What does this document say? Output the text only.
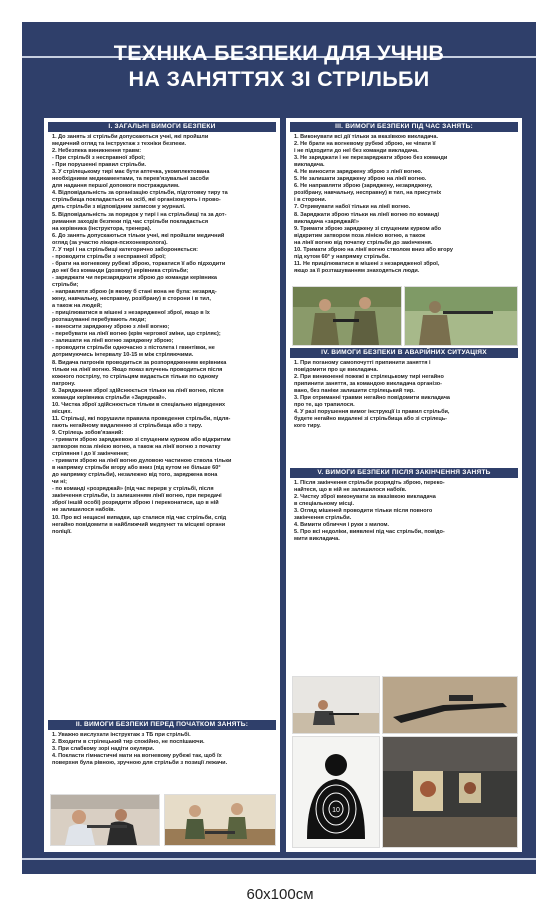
ТЕХНІКА БЕЗПЕКИ ДЛЯ УЧНІВ
НА ЗАНЯТТЯХ ЗІ СТРІЛЬБИ
І. ЗАГАЛЬНІ ВИМОГИ БЕЗПЕКИ

1. До занять зі стрільби допускаються учні, які пройшли

медичний огляд та інструктаж з техніки безпеки.

2. Небезпека виникнення травм:

- При стрільбі з несправної зброї;

- При порушенні правил стрільби.

3. У стрілецькому тирі має бути аптечка, укомплектована

необхідними медикаментами, та перев'язувальні засоби

для надання першої допомоги постраждалим.

4. Відповідальність за організацію стрільби, підготовку тиру та

стрільбища покладається на осіб, які організовують і прово-

дять стрільби з відповідним записом у журналі.

5. Відповідальність за порядок у тирі і на стрільбищі та за дот-

римання заходів безпеки під час стрільби покладається

на керівника (інструктора, тренера).

6. До занять допускаються тільки учні, які пройшли медичний

огляд (за участю лікаря-психоневролога).

7. У тирі і на стрільбищі категорично забороняється:

- проводити стрільби з несправної зброї;

- брати на вогневому рубежі зброю, торкатися її або підходити

до неї без команди (дозволу) керівника стрільби;

- заряджати чи перезаряджати зброю до команди керівника

стрільби;

- направляти зброю (в якому б стані вона не була: незаряд-

жену, навчальну, несправну, розібрану) в сторони і в тил,

а також на людей;

- прицілюватися в мішені з незарядженої зброї, якщо в їх

розташуванні перебувають люди;

- виносити заряджену зброю з лінії вогню;

- перебувати на лінії вогню (крім чергової зміни, що стріляє);

- залишати на лінії вогню заряджену зброю;

- проводити стрільби одночасно з пістолета і гвинтівки, не

дотримуючись інтервалу 10-15 м між стріляючими.

8. Видача патронів проводиться за розпорядженням керівника

тільки на лінії вогню. Якщо показ влучень проводиться після

кожного пострілу, то стрільцям видається тільки по одному

патрону.

9. Заряджання зброї здійснюється тільки на лінії вогню, після

команди керівника стрільби «Заряджай».

10. Чистка зброї здійснюється тільки в спеціально відведених

місцях.

11. Стрільці, які порушили правила проведення стрільби, підля-

гають негайному видаленню зі стрільбища або з тиру.

9. Стрілець зобов'язаний:

- тримати зброю заряджевою зі спущеним курком або відкритим

затвором поза лінією вогню, а також на лінії вогню з початку

стріляння і до її закінчення;

- тримати зброю на лінії вогню дуловою частиною ствола тільки

в напрямку стрільби вгору або вниз (під кутом не більше 60°

до напрямку стрільби), незалежно від того, заряджена вона

чи ні;

- по команді «розряджай» (під час перерв у стрільбі, після

закінчення стрільби, із залишенням лінії вогню, при передачі

зброї іншій особі) розрядити зброю і переконатися, що в ній

не залишилося набоїв.

10. Про всі нещасні випадки, що сталися під час стрільби, слід

негайно повідомити в найближчий медпункт та місцеві органи

поліції.

ІІ. ВИМОГИ БЕЗПЕКИ ПЕРЕД ПОЧАТКОМ ЗАНЯТЬ:

1. Уважно вислухати інструктаж з ТБ при стрільбі.

2. Входити в стрілецький тир спокійно, не поспішаючи.

3. При слабкому зорі надіти окуляри.

4. Покласти гімнастичні мати на вогневому рубежі так, щоб їх

поверхня була рівною, зручною для стрільби з позиції лежачи.

ІІІ. ВИМОГИ БЕЗПЕКИ ПІД ЧАС ЗАНЯТЬ:

1. Виконувати всі дії тільки за вказівкою викладача.

2. Не брати на вогневому рубежі зброю, не чіпати її

і не підходити до неї без команди викладача.

3. Не заряджати і не перезаряджати зброю без команди

викладача.

4. Не виносити заряджену зброю з лінії вогню.

5. Не залишати заряджену зброю на лінії вогню.

6. Не направляти зброю (заряджену, незаряджену,

розібрану, навчальну, несправну) в тил, на присутніх

і в сторони.

7. Отримувати набої тільки на лінії вогню.

8. Заряджати зброю тільки на лінії вогню по команді

викладача «заряджай!»

9. Тримати зброю заряджену зі спущеним курком або

відкритим затвором поза лінією вогню, а також

на лінії вогню від початку стрільби до закінчення.

10. Тримати зброю на лінії вогню стволом вниз або вгору

під кутом 60° у напрямку стрільби.

11. Не прицілюватися в мішені з незарядженої зброї,

якщо за її розташуванням знаходяться люди.

IV. ВИМОГИ БЕЗПЕКИ В АВАРІЙНИХ СИТУАЦІЯХ

1. При поганому самопочутті припинити заняття і

повідомити про це викладача.

2. При виникненні пожежі в стрілецькому тирі негайно

припинити заняття, за командою викладача організо-

вано, без паніки залишити стрілецький тир.

3. При отриманні травми негайно повідомити викладача

про те, що трапилося.

4. У разі порушення вимог інструкції із правил стрільби,

будете негайно видалені зі стрільбища або зі стрілець-

кого тиру.

V. ВИМОГИ БЕЗПЕКИ ПІСЛЯ ЗАКІНЧЕННЯ ЗАНЯТЬ

1. Після закінчення стрільби розрядіть зброю, переко-

найтеся, що в ній не залишилося набоїв.

2. Чистку зброї виконувати за вказівкою викладача

в спеціальному місці.

3. Огляд мішеней проводити тільки після повного

закінчення стрільби.

4. Вимити обличчя і руки з милом.

5. Про всі недоліки, виявлені під час стрільби, повідо-

мити викладача.

10
60x100см
